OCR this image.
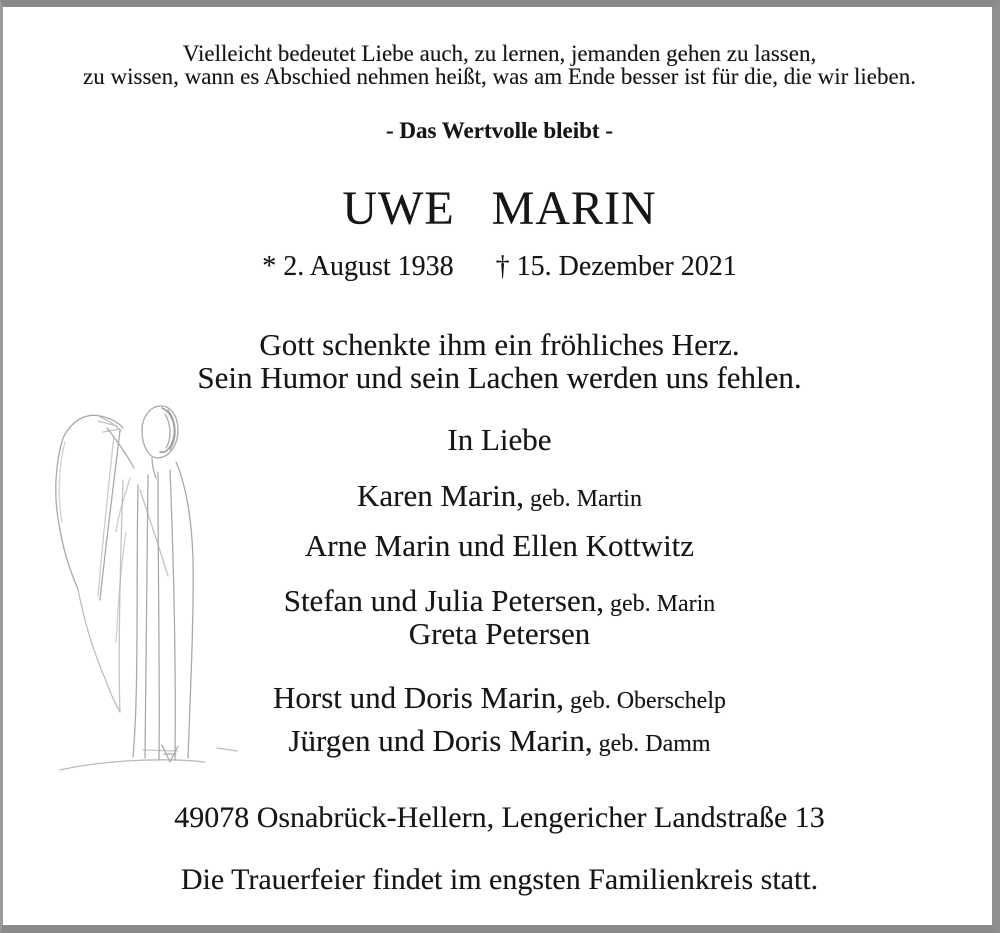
Vielleicht bedeutet Liebe auch, zu lernen, jemanden gehen zu lassen,
zu wissen, wann es Abschied nehmen heißt, was am Ende besser ist für die, die wir lieben.
- Das Wertvolle bleibt -
UWE MARIN
* 2. August 1938 † 15. Dezember 2021
Gott schenkte ihm ein fröhliches Herz.
Sein Humor und sein Lachen werden uns fehlen.
In Liebe
Karen Marin, geb. Martin
Arne Marin und Ellen Kottwitz
Stefan und Julia Petersen, geb. Marin
Greta Petersen
Horst und Doris Marin, geb. Oberschelp
Jürgen und Doris Marin, geb. Damm
49078 Osnabrück-Hellern, Lengericher Landstraße 13
Die Trauerfeier findet im engsten Familienkreis statt.
